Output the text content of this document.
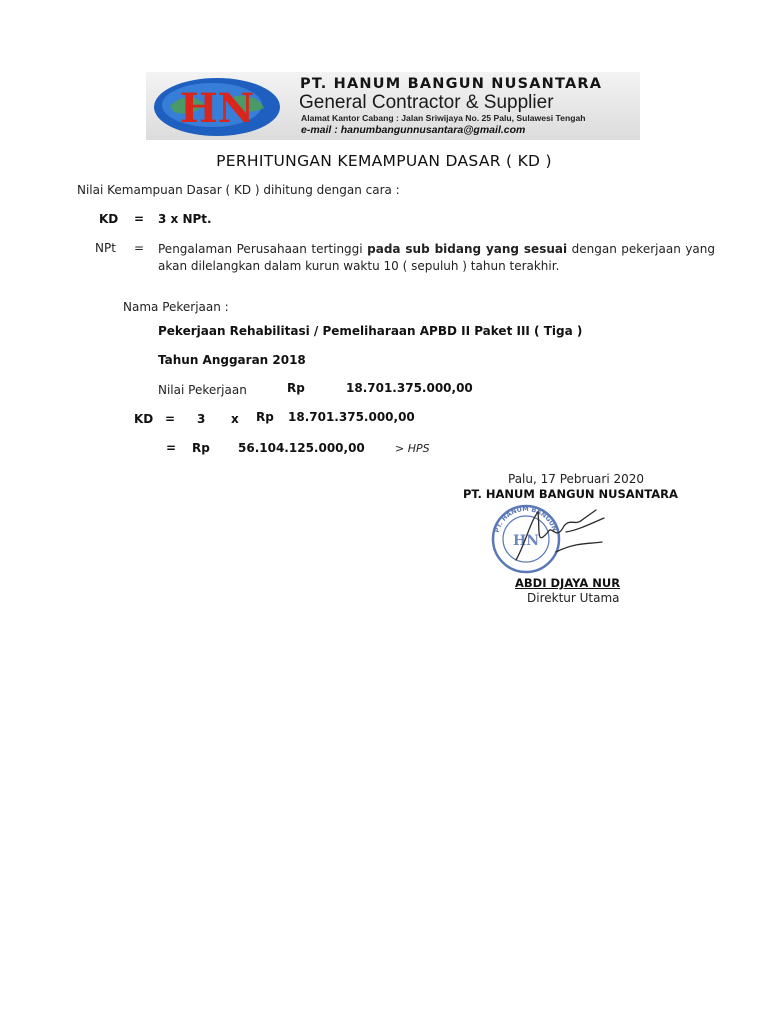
HN
PT. HANUM BANGUN NUSANTARA
General Contractor & Supplier
Alamat Kantor Cabang : Jalan Sriwijaya No. 25 Palu, Sulawesi Tengah
e-mail : hanumbangunnusantara@gmail.com
PERHITUNGAN KEMAMPUAN DASAR ( KD )
Nilai Kemampuan Dasar ( KD ) dihitung dengan cara :
KD = 3 x NPt.
NPt = Pengalaman Perusahaan tertinggi pada sub bidang yang sesuai dengan pekerjaan yang akan dilelangkan dalam kurun waktu 10 ( sepuluh ) tahun terakhir.
Nama Pekerjaan :
Pekerjaan Rehabilitasi / Pemeliharaan APBD II Paket III ( Tiga )
Tahun Anggaran 2018
Nilai Pekerjaan	Rp	18.701.375.000,00
KD = 3 x Rp 18.701.375.000,00
= Rp 56.104.125.000,00	> HPS
Palu, 17 Pebruari 2020
PT. HANUM BANGUN NUSANTARA
PT. HANUM BANGUN
HN
ABDI DJAYA NUR
Direktur Utama
